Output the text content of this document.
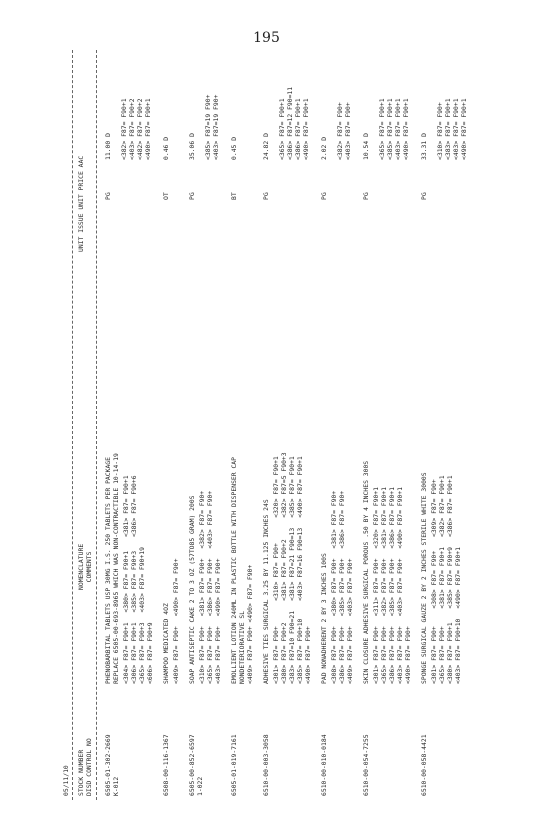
195
05/11/10 STOCK NUMBER DISD CONTROL NO
NOMENCLATURE COMMENTS
UNIT ISSUE UNIT PRICE AAC
6505-01-302-2669 K-012
PHENOBARBITAL TABLETS USP 30MG I.S. 250 TABLETS PER PACKAGE REPLACE 6505-00-693-8965 WHICH WAS NON-CONTRACTIBLE 10-14-19 <304> F87= F90+1 <306> F87= F90+1 <365> F87= F90+3 <606> F87= F90+9
<380> F87= F90+1 <385> F87= F90+3 <403> F87= F90+19
<381> F87= F90+1 <386> F87= F90+6
PG
11.00 D <382> F87= F90+1 <403> F87= F90+2 <482> F87= F90+2 <490> F87= F90+1
6508-00-116-1367
SHAMPOO MEDICATED 4OZ <409> F87= F90+
<490> F87= F90+
OT
0.46 D
6505-00-852-6597 1-022
SOAP ANTISEPTIC CAKE 2 TO 3 OZ (57TO85 GRAM) 200S <310> F87= F90+ <365> F87= F90+ <403> F87= F90+
<381> F87= F90+ <386> F87= F90+ <490> F87= F90+
<382> F87= F90+ <403> F87= F90+
PG
35.06 D <385> F87=19 F90+ <403> F87=19 F90+
6505-01-019-7161
EMOLLIENT LOTION 240ML IN PLASTIC BOTTLE WITH DISPENSER CAP NONDETERIORATIVE SL <409> F87= F90+ <490> F87= F90+
BT
0.45 D
6510-00-003-3058
ADHESIVE TIES SURGICAL 3.25 BY 11.125 INCHES 24S <301> F87= F90+ <380> F87= F90+2 <383> F87=10 F90=21 <385> F87= F90+10 <490> F87= F90+
<310> F87= F90+ <381> F87= F90+2 <381> F87=21 F90=13 <403> F87=16 F90=13
<320> F87= F90+1 <382> F87=5 F90+3 <385> F87= F90+1 <490> F87= F90+1
PG
24.82 D <365> F87= F90+1 <386> F87=12 F90=11 <386> F87= F90+1 <490> F87= F90+1
6510-00-010-0184
PAD NONADHERENT 2 BY 3 INCHES 100S <308> F87= F90+ <386> F87= F90+ <409> F87= F90+
<380> F87= F90+ <385> F87= F90+ <403> F87= F90+
<381> F87= F90+ <386> F87= F90+
PG
2.02 D <382> F87= F90+ <403> F87= F90+
6510-00-054-7255
SKIN CLOSURE ADHESIVE SURGICAL POROUS .50 BY 4 INCHES 300S <301> F87= F90+ <365> F87= F90+ <386> F87= F90+ <403> F87= F90+ <490> F87= F90+
<311> F87= F90+ <382> F87= F90+ <385> F87= F90+ <403> F87= F90+
<320> F87= F90+1 <381> F87= F90+1 <386> F87= F90+1 <490> F87= F90+1
PG
10.54 D <365> F87= F90+1 <385> F87= F90+1 <403> F87= F90+1 <490> F87= F90+1
6510-00-058-4421
SPONGE SURGICAL GAUZE 2 BY 2 INCHES STERILE WHITE 3000S <301> F87= F90+ <365> F87= F90+ <380> F87= F90+1 <403> F87= F90+10
<308> F87= F90+ <381> F87= F90+1 <385> F87= F90+9 <490> F87= F90+1
<309> F87= F90+ <382> F87= F90+1 <386> F87= F90+1
PG
33.31 D <310> F87= F90+ <383> F87= F90+1 <403> F87= F90+1 <490> F87= F90+1
